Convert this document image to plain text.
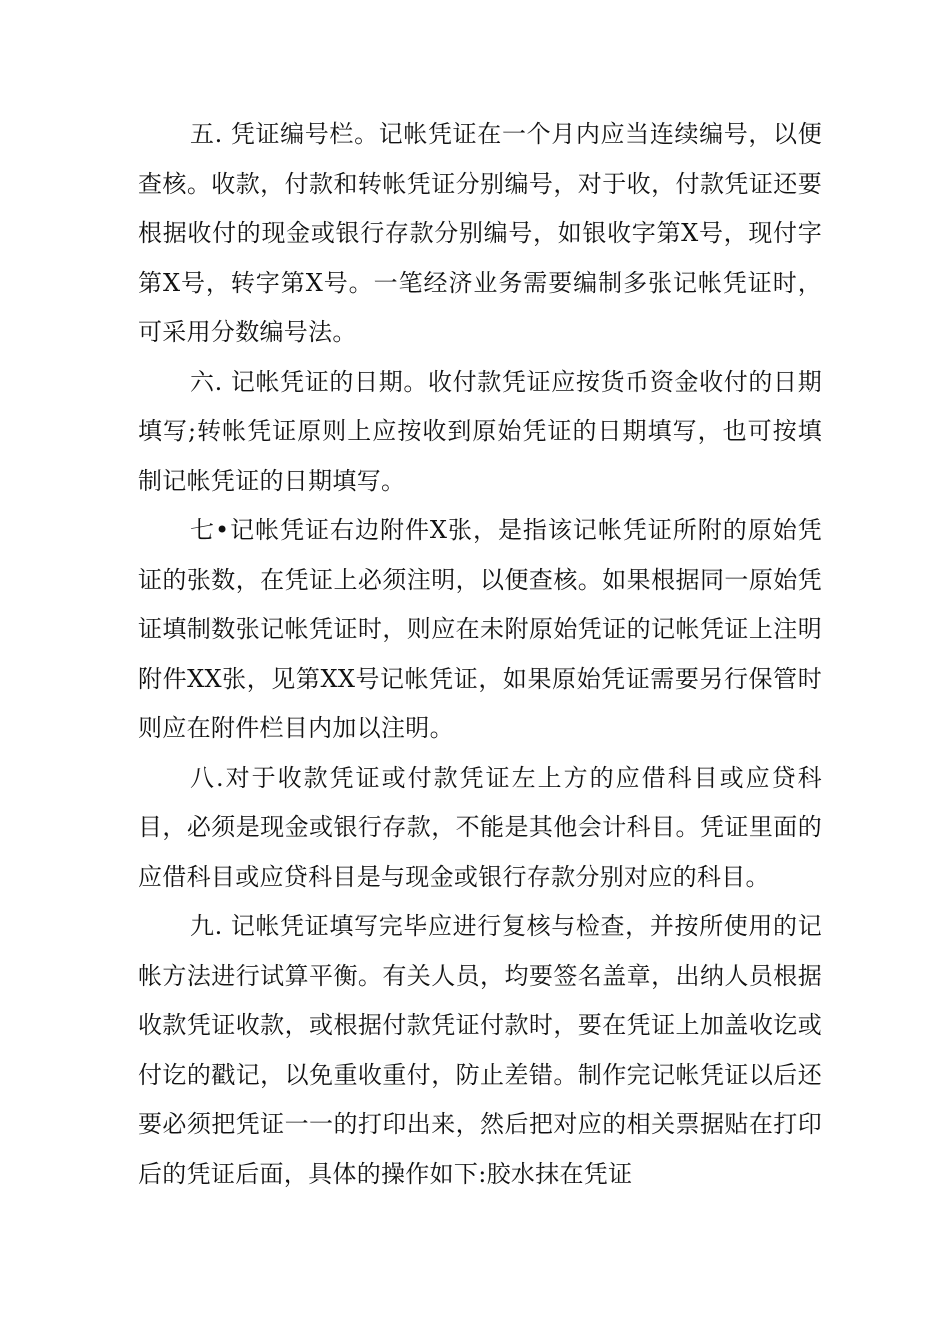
五. 凭证编号栏。记帐凭证在一个月内应当连续编号，以便查核。收款，付款和转帐凭证分别编号，对于收，付款凭证还要根据收付的现金或银行存款分别编号，如银收字第X号，现付字第X号，转字第X号。一笔经济业务需要编制多张记帐凭证时，可采用分数编号法。

六. 记帐凭证的日期。收付款凭证应按货币资金收付的日期填写;转帐凭证原则上应按收到原始凭证的日期填写，也可按填制记帐凭证的日期填写。

七•记帐凭证右边附件X张，是指该记帐凭证所附的原始凭证的张数，在凭证上必须注明，以便查核。如果根据同一原始凭证填制数张记帐凭证时，则应在未附原始凭证的记帐凭证上注明附件XX张，见第XX号记帐凭证，如果原始凭证需要另行保管时则应在附件栏目内加以注明。

八.对于收款凭证或付款凭证左上方的应借科目或应贷科目，必须是现金或银行存款，不能是其他会计科目。凭证里面的应借科目或应贷科目是与现金或银行存款分别对应的科目。

九. 记帐凭证填写完毕应进行复核与检查，并按所使用的记帐方法进行试算平衡。有关人员，均要签名盖章，出纳人员根据收款凭证收款，或根据付款凭证付款时，要在凭证上加盖收讫或付讫的戳记，以免重收重付，防止差错。制作完记帐凭证以后还要必须把凭证一一的打印出来，然后把对应的相关票据贴在打印后的凭证后面，具体的操作如下:胶水抹在凭证
